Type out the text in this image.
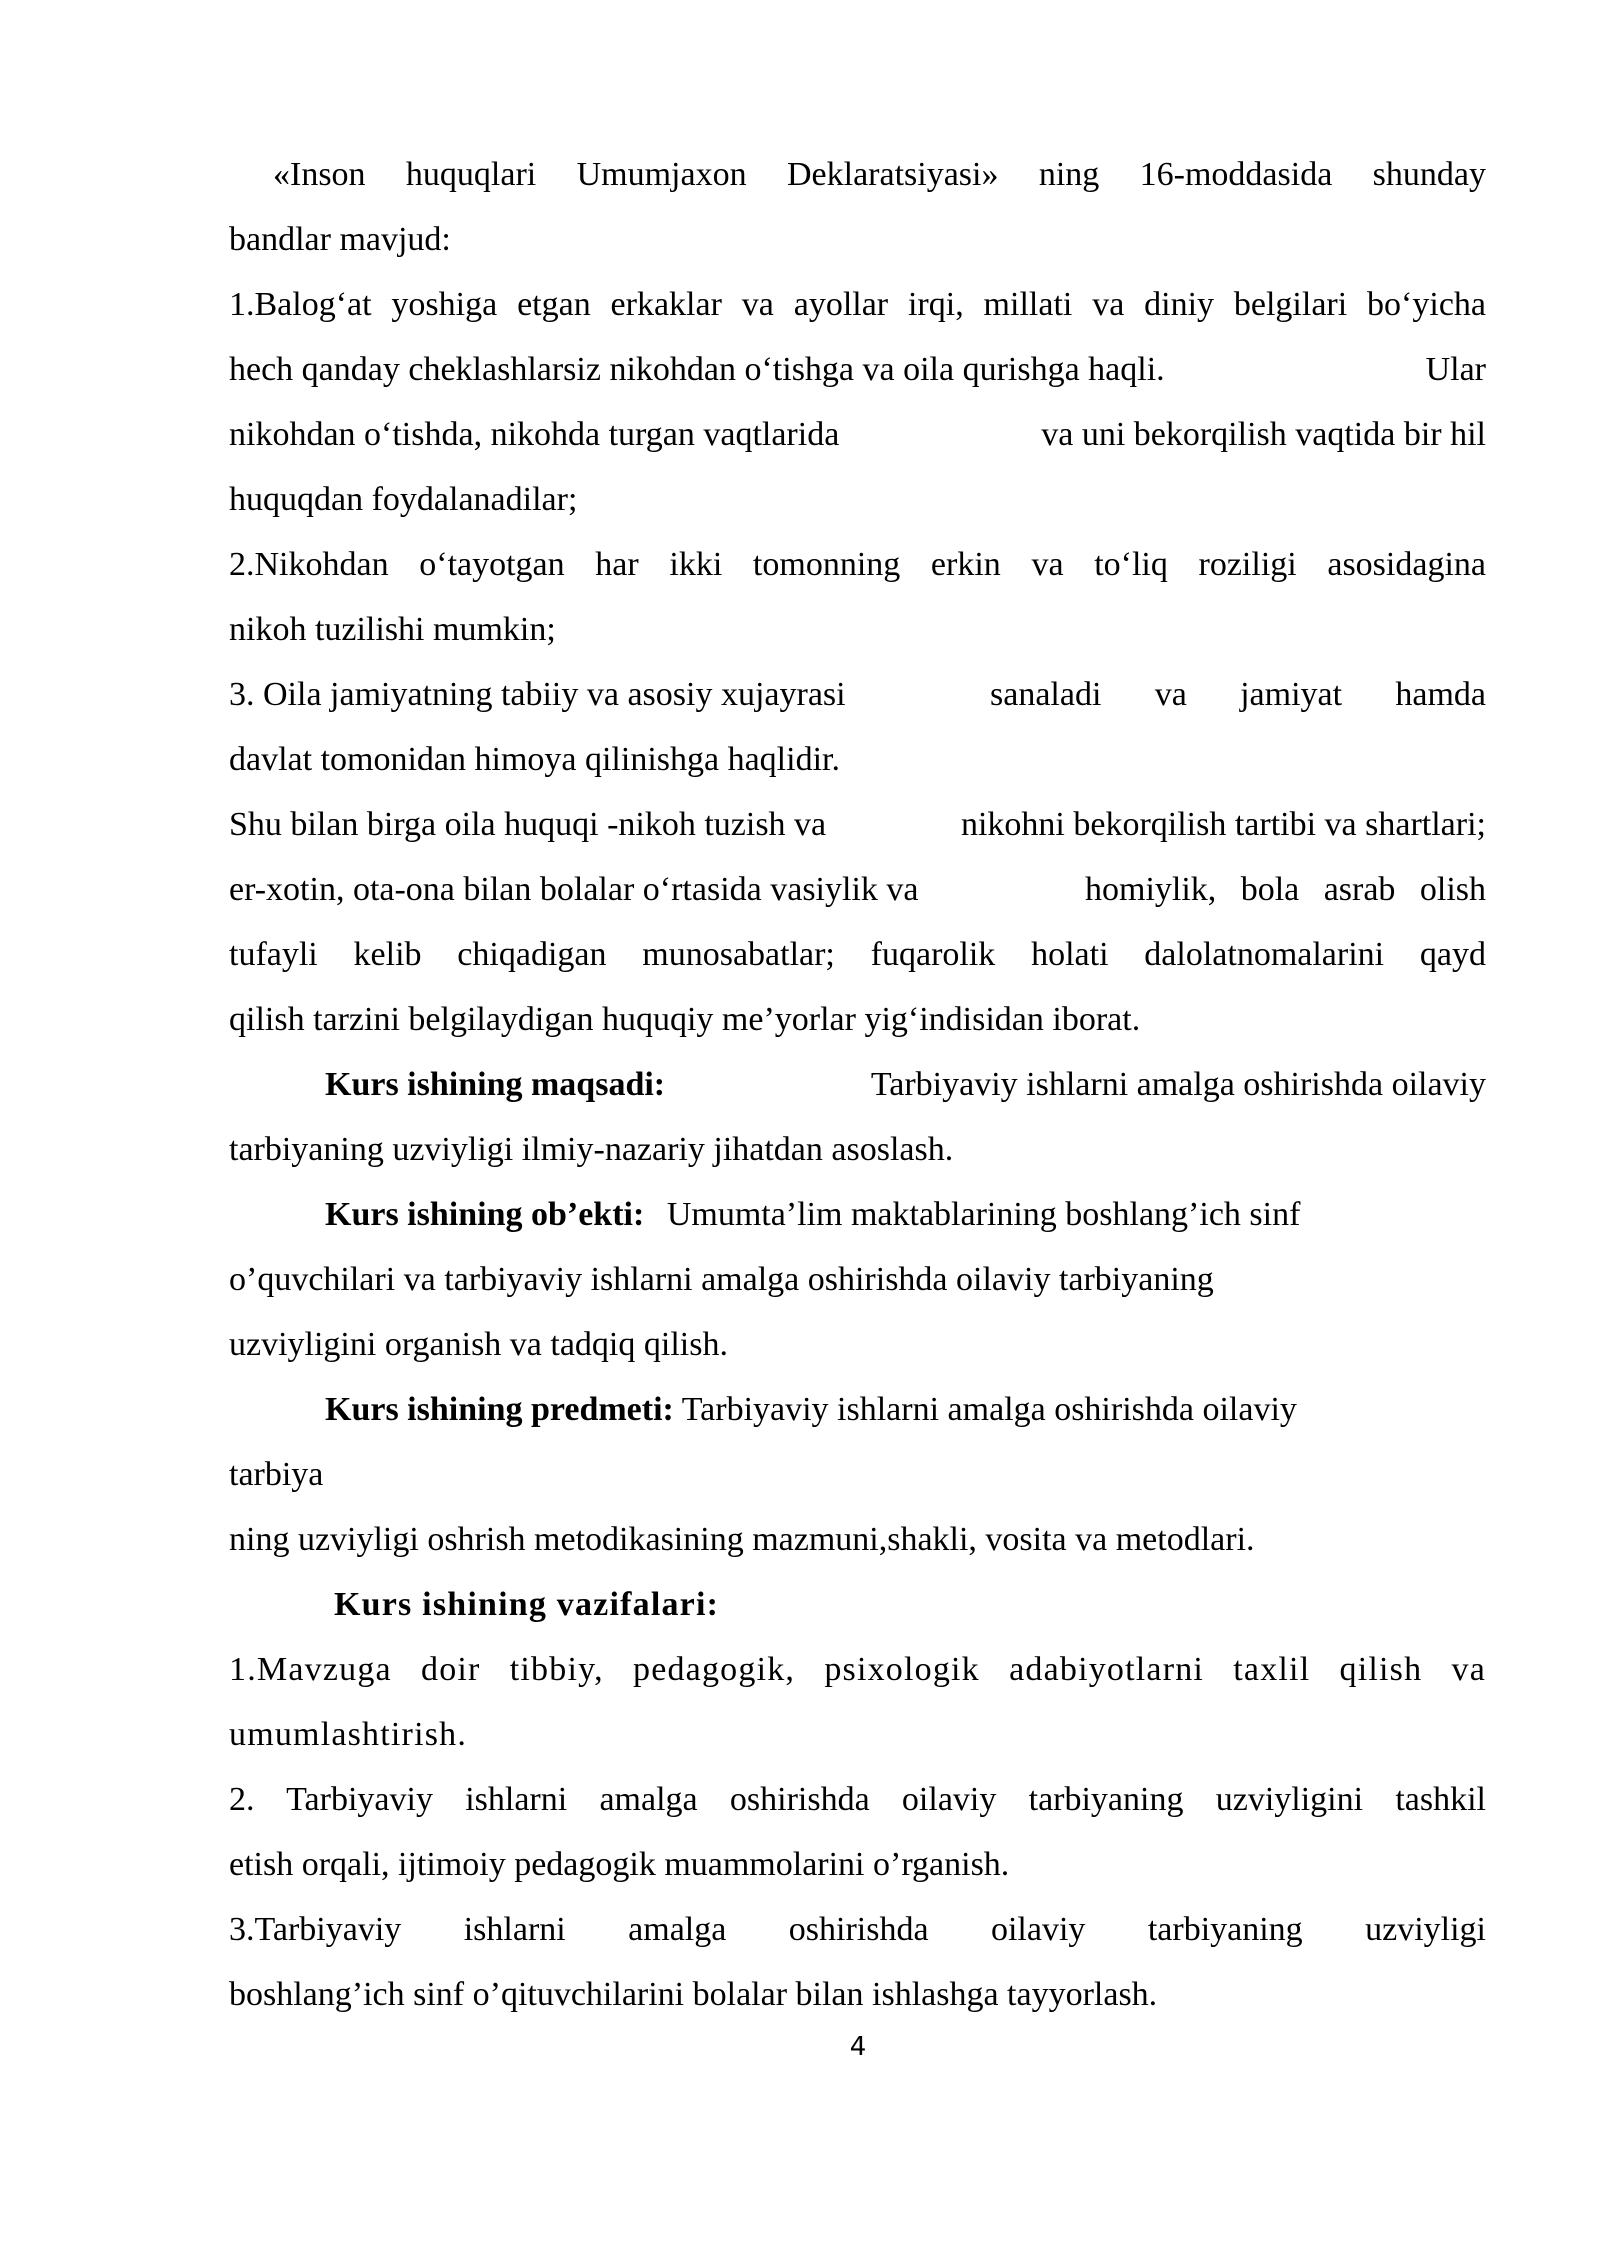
«Inson huquqlari Umumjaxon Deklaratsiyasi» ning 16-moddasida shunday
bandlar mavjud:
1.Balog‘at yoshiga etgan erkaklar va ayollar irqi, millati va diniy belgilari bo‘yicha
hech qanday cheklashlarsiz nikohdan o‘tishga va oila qurishga haqli.	Ular
nikohdan o‘tishda, nikohda turgan vaqtlarida	va uni bekorqilish vaqtida bir hil
huquqdan foydalanadilar;
2.Nikohdan o‘tayotgan har ikki tomonning erkin va to‘liq roziligi asosidagina
nikoh tuzilishi mumkin;
3. Oila jamiyatning tabiiy va asosiy xujayrasi	sanaladi va jamiyat hamda
davlat tomonidan himoya qilinishga haqlidir.
Shu bilan birga oila huquqi -nikoh tuzish va	nikohni bekorqilish tartibi va shartlari;
er-xotin, ota-ona bilan bolalar o‘rtasida vasiylik va	homiylik, bola asrab olish
tufayli kelib chiqadigan munosabatlar; fuqarolik holati dalolatnomalarini qayd
qilish tarzini belgilaydigan huquqiy me’yorlar yig‘indisidan iborat.
Kurs ishining maqsadi:	Tarbiyaviy ishlarni amalga oshirishda oilaviy
tarbiyaning uzviyligi ilmiy-nazariy jihatdan asoslash.
Kurs ishining ob’ekti: Umumta’lim maktablarining boshlang’ich sinf
o’quvchilari va tarbiyaviy ishlarni amalga oshirishda oilaviy tarbiyaning
uzviyligini organish va tadqiq qilish.
Kurs ishining predmeti: Tarbiyaviy ishlarni amalga oshirishda oilaviy
tarbiya
ning uzviyligi oshrish metodikasining mazmuni,shakli, vosita va metodlari.
Kurs ishining vazifalari:
1.Mavzuga doir tibbiy, pedagogik, psixologik adabiyotlarni taxlil qilish va
umumlashtirish.
2. Tarbiyaviy ishlarni amalga oshirishda oilaviy tarbiyaning uzviyligini tashkil
etish orqali, ijtimoiy pedagogik muammolarini o’rganish.
3.Tarbiyaviy ishlarni amalga oshirishda oilaviy tarbiyaning uzviyligi
boshlang’ich sinf o’qituvchilarini bolalar bilan ishlashga tayyorlash.
4
